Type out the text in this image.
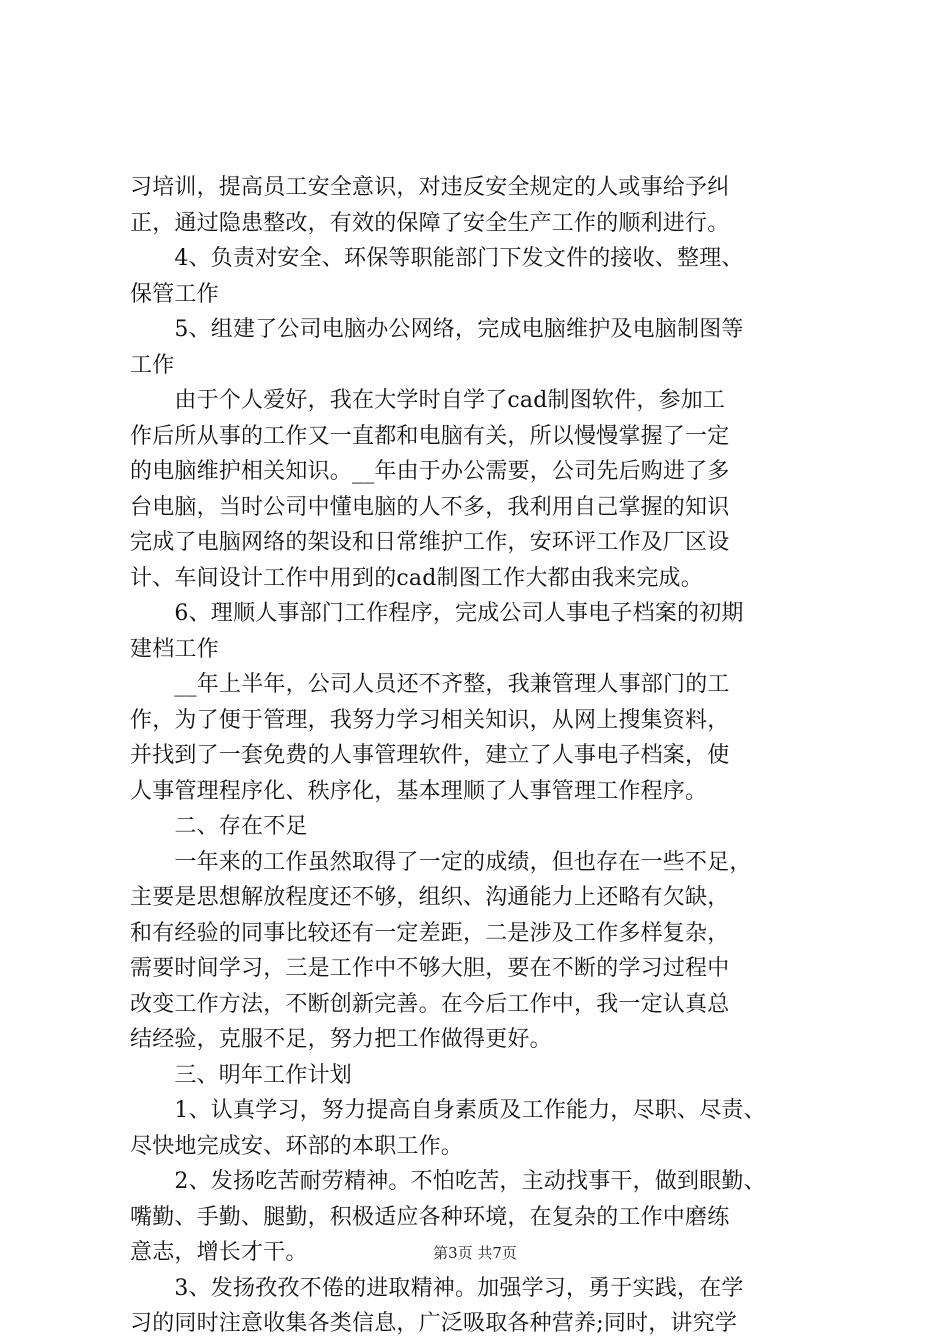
习培训，提高员工安全意识，对违反安全规定的人或事给予纠
正，通过隐患整改，有效的保障了安全生产工作的顺利进行。
　　4、负责对安全、环保等职能部门下发文件的接收、整理、
保管工作
　　5、组建了公司电脑办公网络，完成电脑维护及电脑制图等
工作
　　由于个人爱好，我在大学时自学了cad制图软件，参加工
作后所从事的工作又一直都和电脑有关，所以慢慢掌握了一定
的电脑维护相关知识。__年由于办公需要，公司先后购进了多
台电脑，当时公司中懂电脑的人不多，我利用自己掌握的知识
完成了电脑网络的架设和日常维护工作，安环评工作及厂区设
计、车间设计工作中用到的cad制图工作大都由我来完成。
　　6、理顺人事部门工作程序，完成公司人事电子档案的初期
建档工作
　　__年上半年，公司人员还不齐整，我兼管理人事部门的工
作，为了便于管理，我努力学习相关知识，从网上搜集资料，
并找到了一套免费的人事管理软件，建立了人事电子档案，使
人事管理程序化、秩序化，基本理顺了人事管理工作程序。
　　二、存在不足
　　一年来的工作虽然取得了一定的成绩，但也存在一些不足，
主要是思想解放程度还不够，组织、沟通能力上还略有欠缺，
和有经验的同事比较还有一定差距，二是涉及工作多样复杂，
需要时间学习，三是工作中不够大胆，要在不断的学习过程中
改变工作方法，不断创新完善。在今后工作中，我一定认真总
结经验，克服不足，努力把工作做得更好。
　　三、明年工作计划
　　1、认真学习，努力提高自身素质及工作能力，尽职、尽责、
尽快地完成安、环部的本职工作。
　　2、发扬吃苦耐劳精神。不怕吃苦，主动找事干，做到眼勤、
嘴勤、手勤、腿勤，积极适应各种环境，在复杂的工作中磨练
意志，增长才干。
　　3、发扬孜孜不倦的进取精神。加强学习，勇于实践，在学
习的同时注意收集各类信息，广泛吸取各种营养;同时，讲究学
第3页 共7页
